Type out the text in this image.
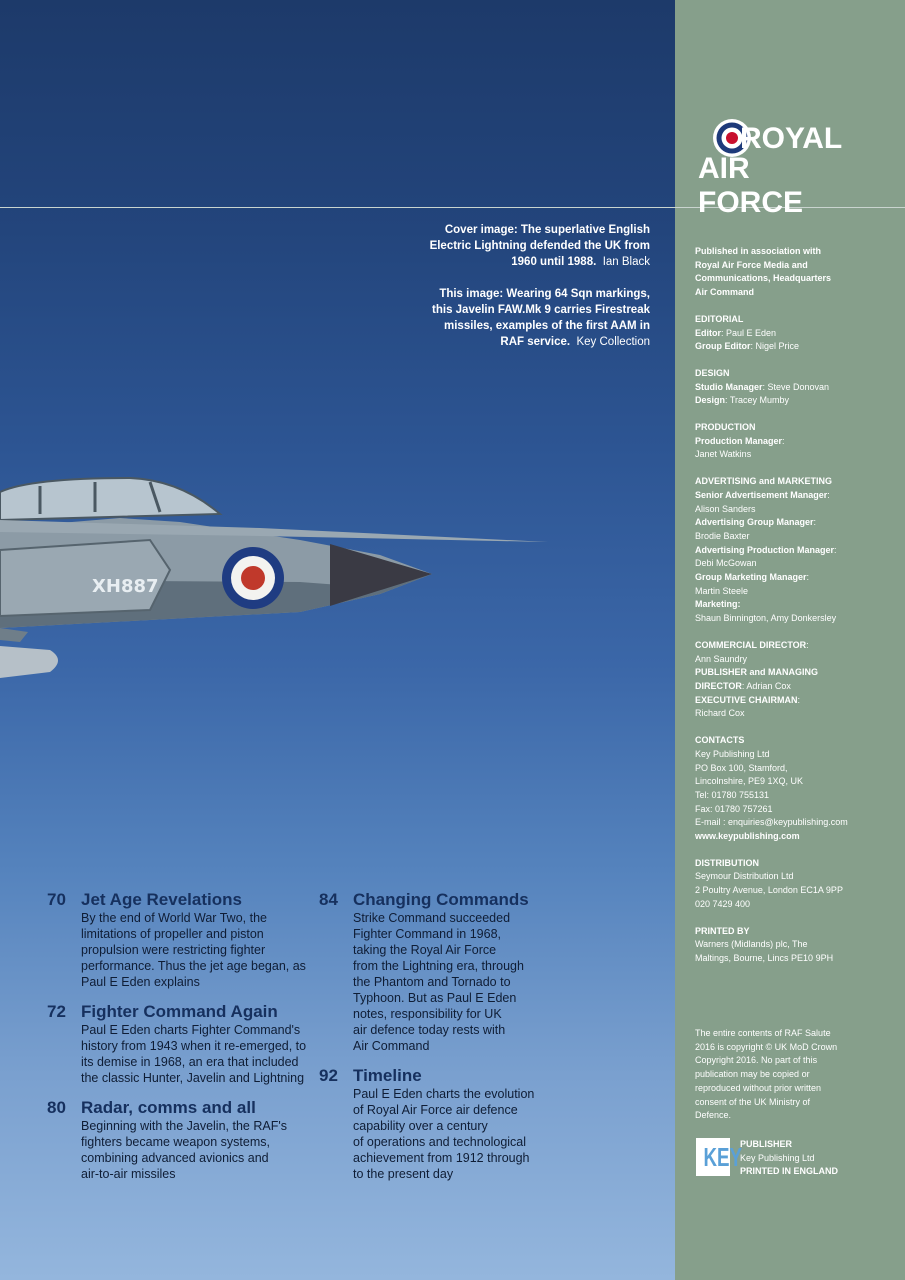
ROYAL
AIR FORCE
Cover image: The superlative English Electric Lightning defended the UK from 1960 until 1988. Ian Black
This image: Wearing 64 Sqn markings, this Javelin FAW.Mk 9 carries Firestreak missiles, examples of the first AAM in RAF service. Key Collection
XH887
70 Jet Age Revelations
By the end of World War Two, the
limitations of propeller and piston
propulsion were restricting fighter
performance. Thus the jet age began, as
Paul E Eden explains
72 Fighter Command Again
Paul E Eden charts Fighter Command's
history from 1943 when it re-emerged, to
its demise in 1968, an era that included
the classic Hunter, Javelin and Lightning
80 Radar, comms and all
Beginning with the Javelin, the RAF's
fighters became weapon systems,
combining advanced avionics and
air-to-air missiles
84 Changing Commands
Strike Command succeeded
Fighter Command in 1968,
taking the Royal Air Force
from the Lightning era, through
the Phantom and Tornado to
Typhoon. But as Paul E Eden
notes, responsibility for UK
air defence today rests with
Air Command
92 Timeline
Paul E Eden charts the evolution
of Royal Air Force air defence
capability over a century
of operations and technological
achievement from 1912 through
to the present day
Published in association with
Royal Air Force Media and
Communications, Headquarters
Air Command
EDITORIAL
Editor: Paul E Eden
Group Editor: Nigel Price
DESIGN
Studio Manager: Steve Donovan
Design: Tracey Mumby
PRODUCTION
Production Manager:
Janet Watkins
ADVERTISING and MARKETING
Senior Advertisement Manager:
Alison Sanders
Advertising Group Manager:
Brodie Baxter
Advertising Production Manager:
Debi McGowan
Group Marketing Manager:
Martin Steele
Marketing:
Shaun Binnington, Amy Donkersley
COMMERCIAL DIRECTOR:
Ann Saundry
PUBLISHER and MANAGING
DIRECTOR: Adrian Cox
EXECUTIVE CHAIRMAN:
Richard Cox
CONTACTS
Key Publishing Ltd
PO Box 100, Stamford,
Lincolnshire, PE9 1XQ, UK
Tel: 01780 755131
Fax: 01780 757261
E-mail : enquiries@keypublishing.com
www.keypublishing.com
DISTRIBUTION
Seymour Distribution Ltd
2 Poultry Avenue, London EC1A 9PP
020 7429 400
PRINTED BY
Warners (Midlands) plc, The
Maltings, Bourne, Lincs PE10 9PH
The entire contents of RAF Salute
2016 is copyright © UK MoD Crown
Copyright 2016. No part of this
publication may be copied or
reproduced without prior written
consent of the UK Ministry of
Defence.
KEY
PUBLISHER
Key Publishing Ltd
PRINTED IN ENGLAND
